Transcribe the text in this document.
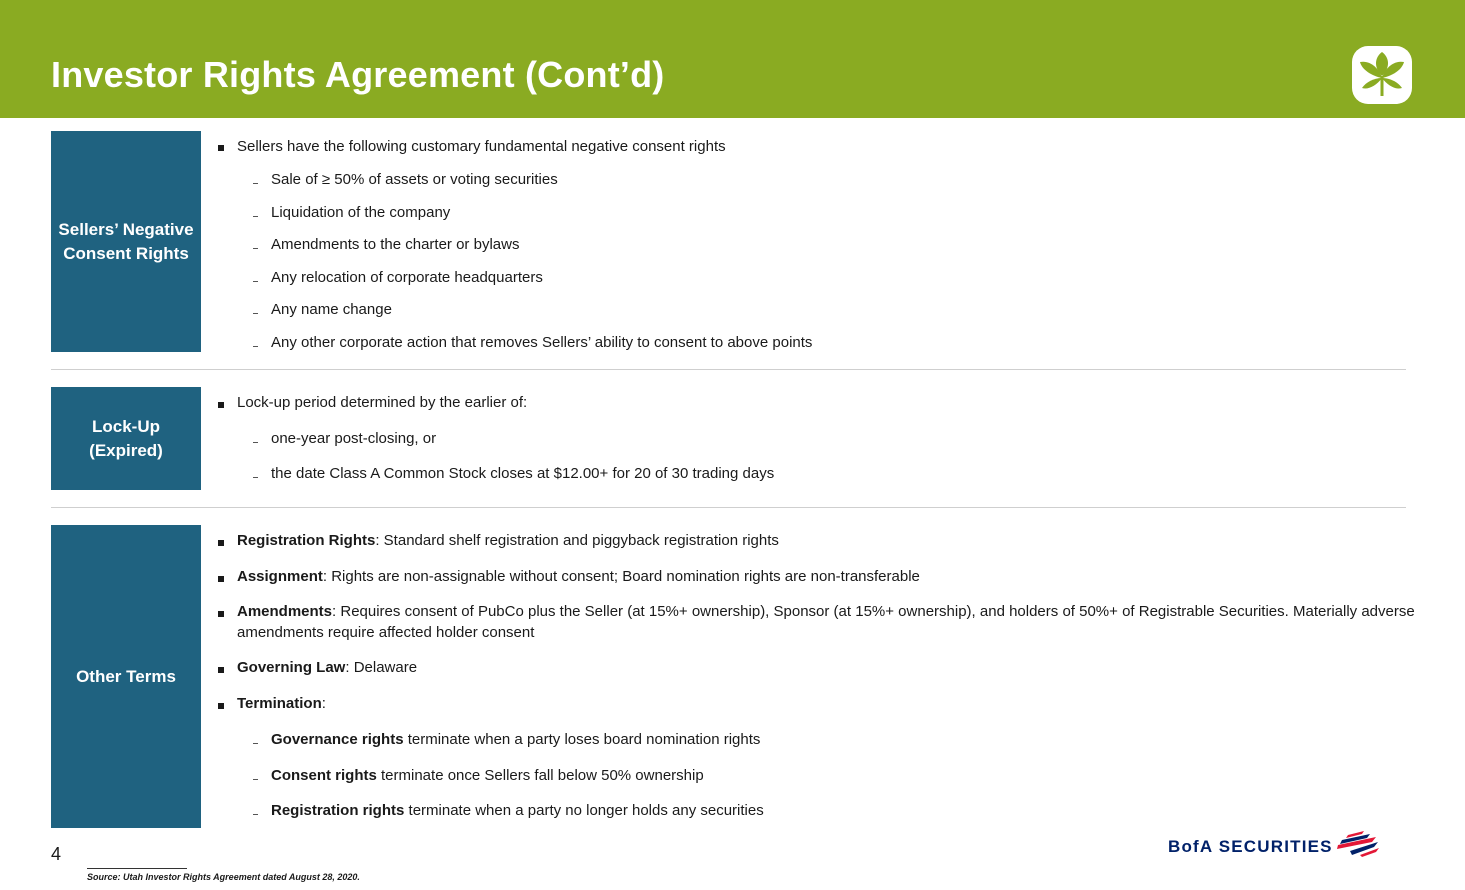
Investor Rights Agreement (Cont’d)
Sellers’ Negative Consent Rights
Sellers have the following customary fundamental negative consent rights
Sale of ≥ 50% of assets or voting securities
Liquidation of the company
Amendments to the charter or bylaws
Any relocation of corporate headquarters
Any name change
Any other corporate action that removes Sellers’ ability to consent to above points
Lock-Up (Expired)
Lock-up period determined by the earlier of:
one-year post-closing, or
the date Class A Common Stock closes at $12.00+ for 20 of 30 trading days
Other Terms
Registration Rights: Standard shelf registration and piggyback registration rights
Assignment: Rights are non-assignable without consent; Board nomination rights are non-transferable
Amendments: Requires consent of PubCo plus the Seller (at 15%+ ownership), Sponsor (at 15%+ ownership), and holders of 50%+ of Registrable Securities. Materially adverse amendments require affected holder consent
Governing Law: Delaware
Termination:
Governance rights terminate when a party loses board nomination rights
Consent rights terminate once Sellers fall below 50% ownership
Registration rights terminate when a party no longer holds any securities
4
Source: Utah Investor Rights Agreement dated August 28, 2020.
BofA SECURITIES
